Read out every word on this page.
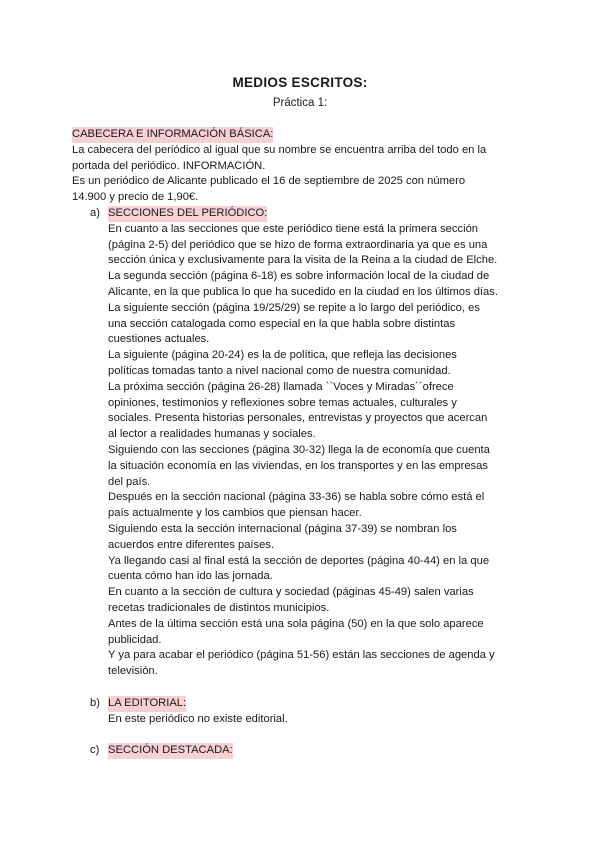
MEDIOS ESCRITOS:
Práctica 1:

CABECERA E INFORMACIÓN BÁSICA:

La cabecera del periódico al igual que su nombre se encuentra arriba del todo en la

portada del periódico. INFORMACIÓN.

Es un periódico de Alicante publicado el 16 de septiembre de 2025 con número

14.900 y precio de 1,90€.

a) SECCIONES DEL PERIÓDICO:

En cuanto a las secciones que este periódico tiene está la primera sección

(página 2-5) del periódico que se hizo de forma extraordinaria ya que es una

sección única y exclusivamente para la visita de la Reina a la ciudad de Elche.

La segunda sección (página 6-18) es sobre información local de la ciudad de

Alicante, en la que publica lo que ha sucedido en la ciudad en los últimos días.

La siguiente sección (página 19/25/29) se repite a lo largo del periódico, es

una sección catalogada como especial en la que habla sobre distintas

cuestiones actuales.

La siguiente (página 20-24) es la de política, que refleja las decisiones

políticas tomadas tanto a nivel nacional como de nuestra comunidad.

La próxima sección (página 26-28) llamada ``Voces y Miradas´´ofrece

opiniones, testimonios y reflexiones sobre temas actuales, culturales y

sociales. Presenta historias personales, entrevistas y proyectos que acercan

al lector a realidades humanas y sociales.

Siguiendo con las secciones (página 30-32) llega la de economía que cuenta

la situación economía en las viviendas, en los transportes y en las empresas

del país.

Después en la sección nacional (página 33-36) se habla sobre cómo está el

país actualmente y los cambios que piensan hacer.

Siguiendo esta la sección internacional (página 37-39) se nombran los

acuerdos entre diferentes países.

Ya llegando casi al final está la sección de deportes (página 40-44) en la que

cuenta cómo han ido las jornada.

En cuanto a la sección de cultura y sociedad (páginas 45-49) salen varias

recetas tradicionales de distintos municipios.

Antes de la última sección está una sola página (50) en la que solo aparece

publicidad.

Y ya para acabar el periódico (página 51-56) están las secciones de agenda y

televisión.

b) LA EDITORIAL:

En este periódico no existe editorial.

c) SECCIÓN DESTACADA:
